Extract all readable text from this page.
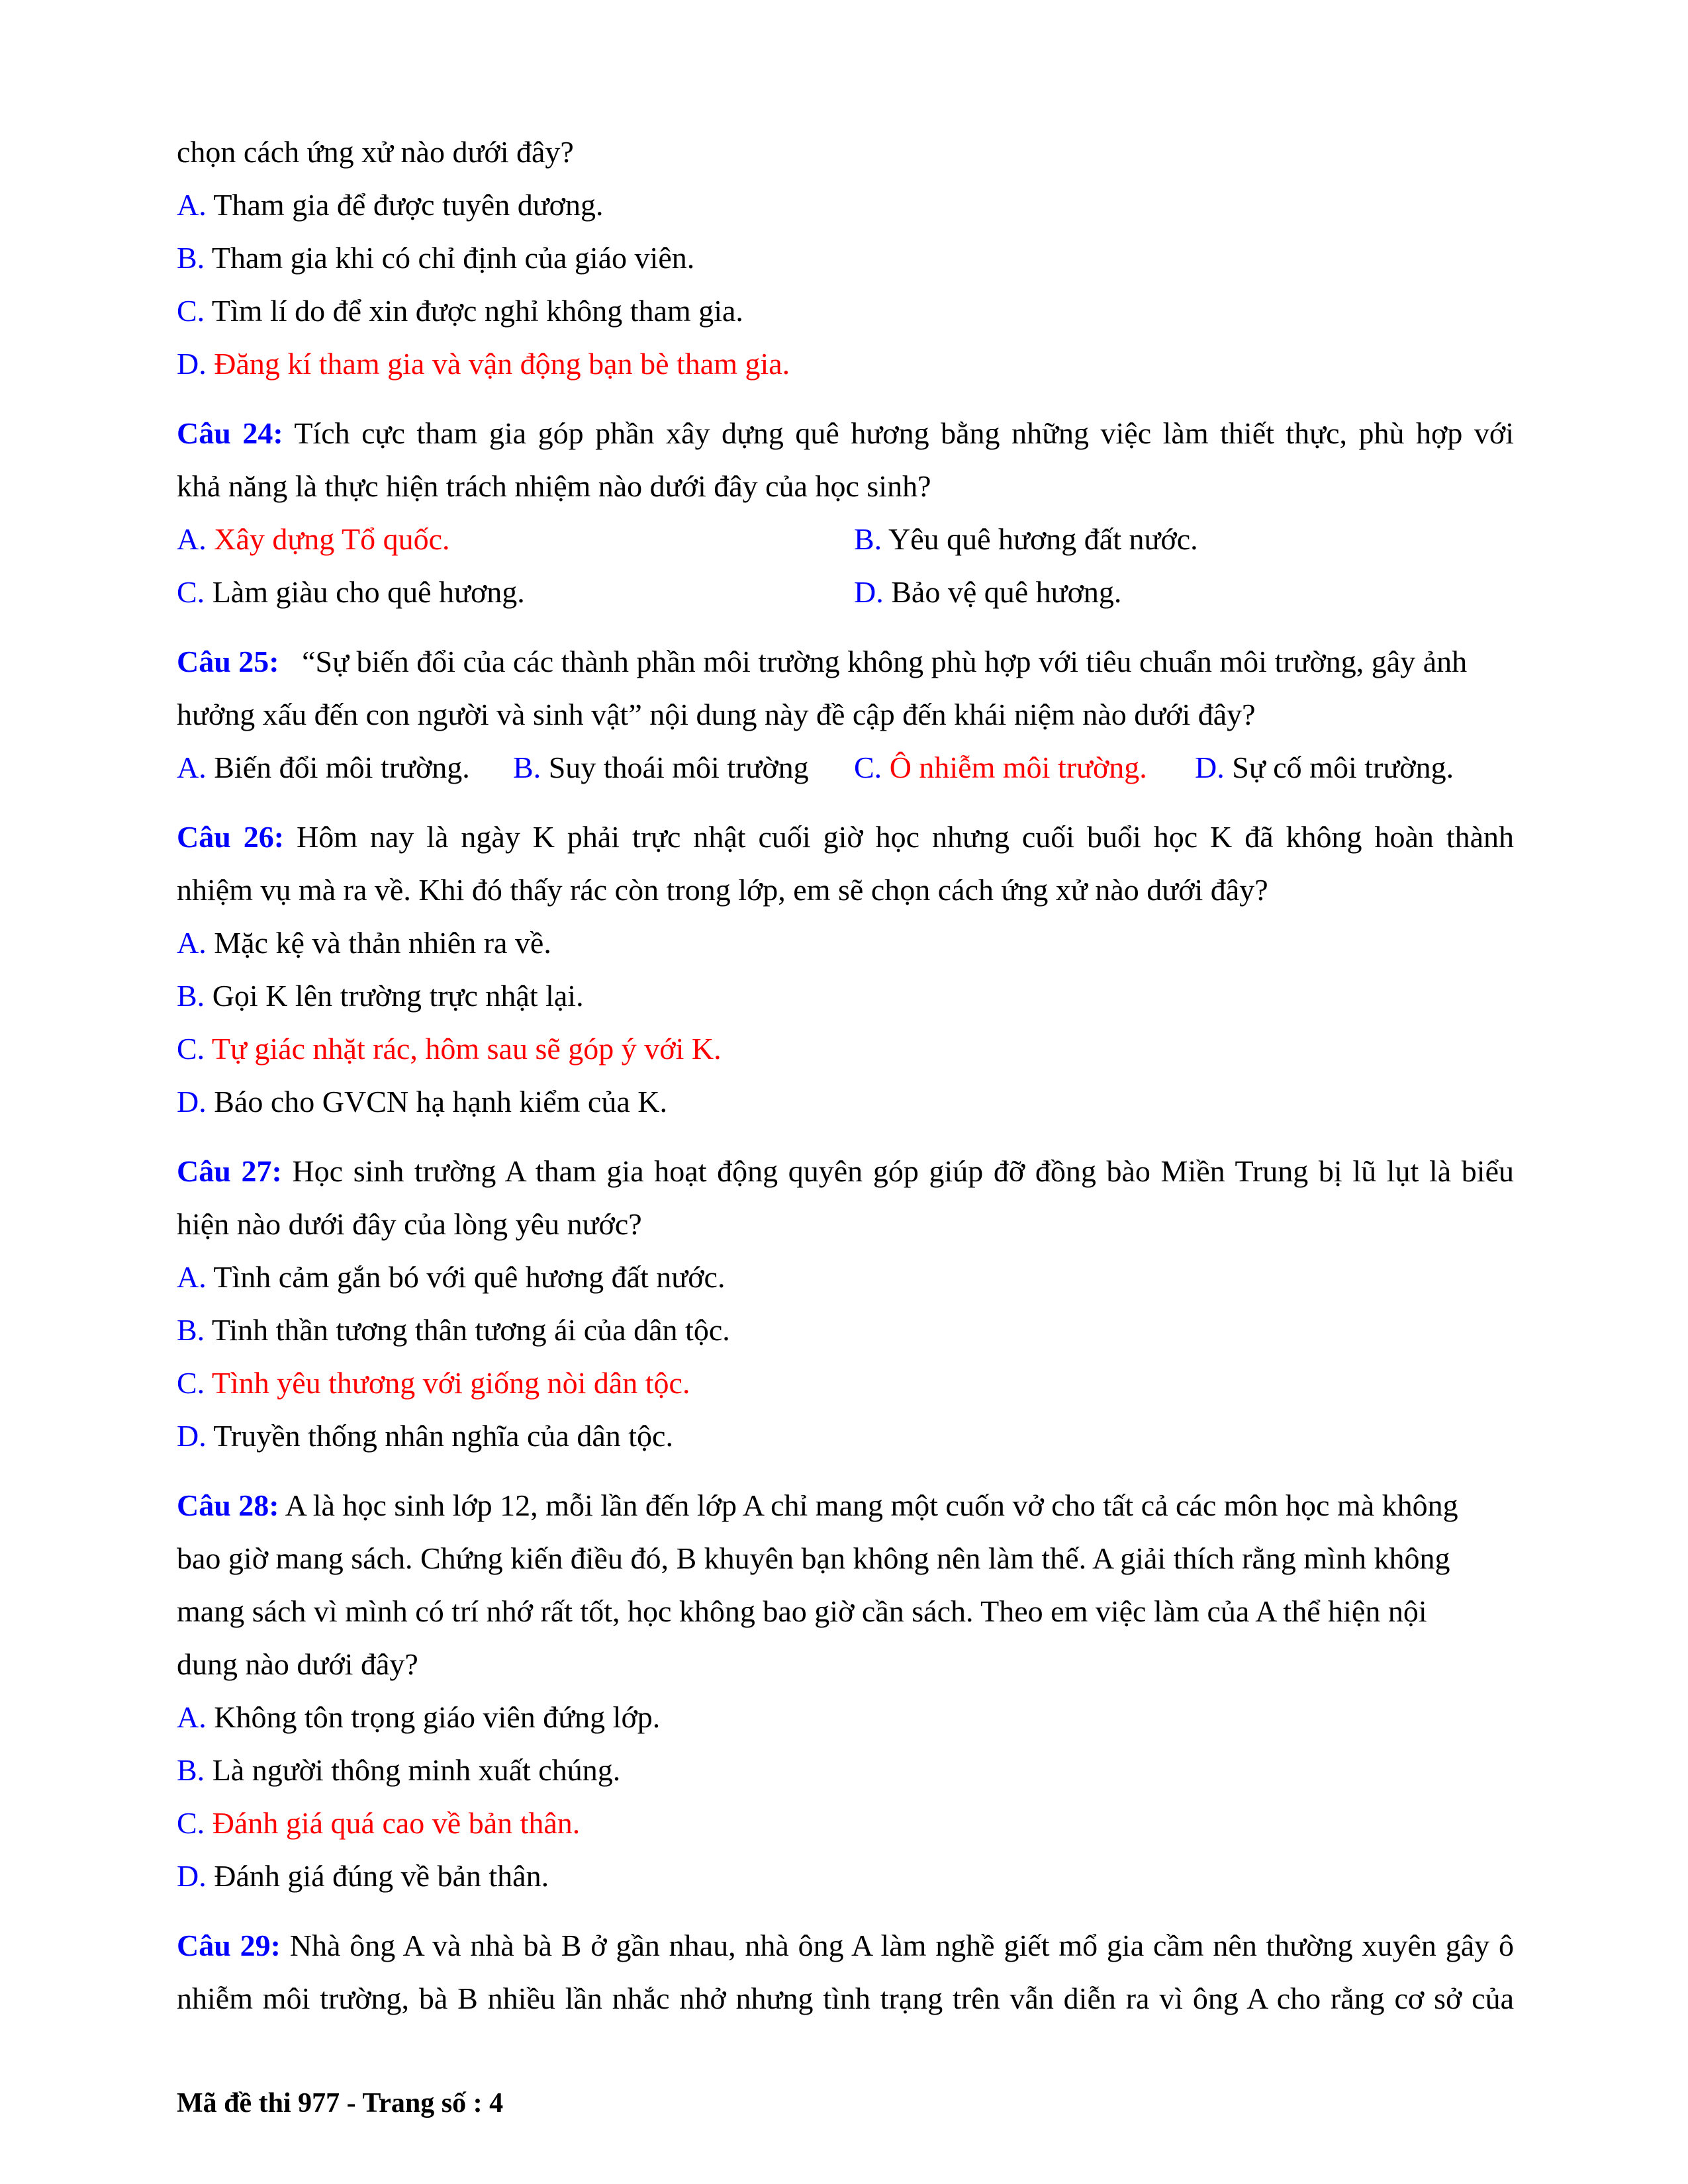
chọn cách ứng xử nào dưới đây?
A. Tham gia để được tuyên dương.
B. Tham gia khi có chỉ định của giáo viên.
C. Tìm lí do để xin được nghỉ không tham gia.
D. Đăng kí tham gia và vận động bạn bè tham gia.
Câu 24: Tích cực tham gia góp phần xây dựng quê hương bằng những việc làm thiết thực, phù hợp với
khả năng là thực hiện trách nhiệm nào dưới đây của học sinh?
A. Xây dựng Tổ quốc.	B. Yêu quê hương đất nước.
C. Làm giàu cho quê hương.	D. Bảo vệ quê hương.
Câu 25: “Sự biến đổi của các thành phần môi trường không phù hợp với tiêu chuẩn môi trường, gây ảnh
hưởng xấu đến con người và sinh vật” nội dung này đề cập đến khái niệm nào dưới đây?
A. Biến đổi môi trường. B. Suy thoái môi trường C. Ô nhiễm môi trường. D. Sự cố môi trường.
Câu 26: Hôm nay là ngày K phải trực nhật cuối giờ học nhưng cuối buổi học K đã không hoàn thành
nhiệm vụ mà ra về. Khi đó thấy rác còn trong lớp, em sẽ chọn cách ứng xử nào dưới đây?
A. Mặc kệ và thản nhiên ra về.
B. Gọi K lên trường trực nhật lại.
C. Tự giác nhặt rác, hôm sau sẽ góp ý với K.
D. Báo cho GVCN hạ hạnh kiểm của K.
Câu 27: Học sinh trường A tham gia hoạt động quyên góp giúp đỡ đồng bào Miền Trung bị lũ lụt là biểu
hiện nào dưới đây của lòng yêu nước?
A. Tình cảm gắn bó với quê hương đất nước.
B. Tinh thần tương thân tương ái của dân tộc.
C. Tình yêu thương với giống nòi dân tộc.
D. Truyền thống nhân nghĩa của dân tộc.
Câu 28: A là học sinh lớp 12, mỗi lần đến lớp A chỉ mang một cuốn vở cho tất cả các môn học mà không
bao giờ mang sách. Chứng kiến điều đó, B khuyên bạn không nên làm thế. A giải thích rằng mình không
mang sách vì mình có trí nhớ rất tốt, học không bao giờ cần sách. Theo em việc làm của A thể hiện nội
dung nào dưới đây?
A. Không tôn trọng giáo viên đứng lớp.
B. Là người thông minh xuất chúng.
C. Đánh giá quá cao về bản thân.
D. Đánh giá đúng về bản thân.
Câu 29: Nhà ông A và nhà bà B ở gần nhau, nhà ông A làm nghề giết mổ gia cầm nên thường xuyên gây ô
nhiễm môi trường, bà B nhiều lần nhắc nhở nhưng tình trạng trên vẫn diễn ra vì ông A cho rằng cơ sở của
Mã đề thi 977 - Trang số : 4
